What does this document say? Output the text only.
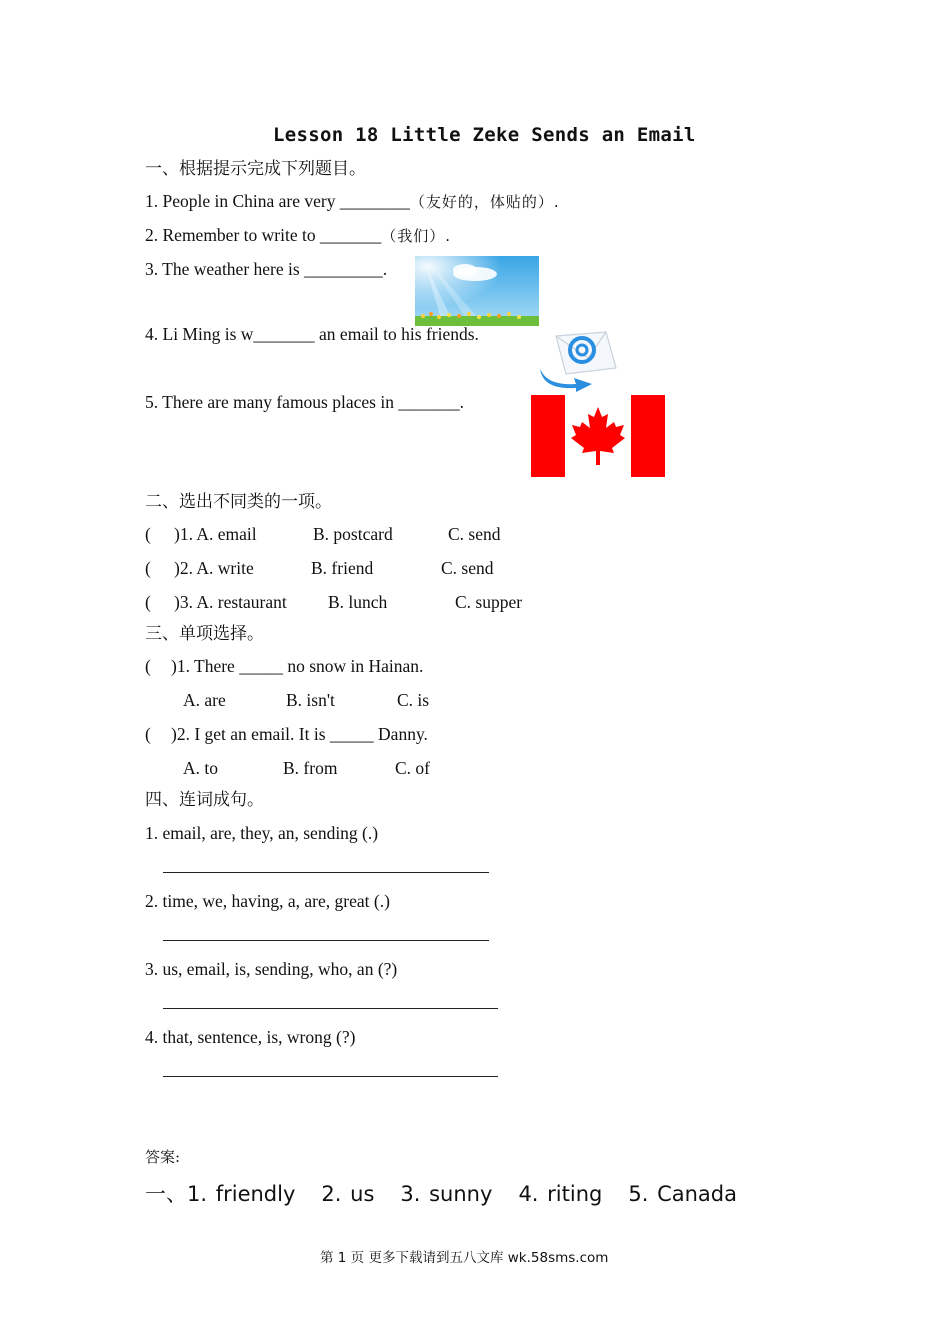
Lesson 18 Little Zeke Sends an Email
一、根据提示完成下列题目。
1. People in China are very ________（友好的，体贴的）.
2. Remember to write to _______（我们）.
3. The weather here is _________.
4. Li Ming is w_______ an email to his friends.
5. There are many famous places in _______.
二、选出不同类的一项。
( )1. A. email	B. postcard	C. send
( )2. A. write	B. friend	C. send
( )3. A. restaurant B. lunch	C. supper
三、单项选择。
( )1. There _____ no snow in Hainan.
A. are	B. isn't	C. is
( )2. I get an email. It is _____ Danny.
A. to	B. from	C. of
四、连词成句。
1. email, are, they, an, sending (.)
2. time, we, having, a, are, great (.)
3. us, email, is, sending, who, an (?)
4. that, sentence, is, wrong (?)
答案:
一、1. friendly   2. us   3. sunny   4. riting   5. Canada
第 1 页 更多下载请到五八文库 wk.58sms.com
